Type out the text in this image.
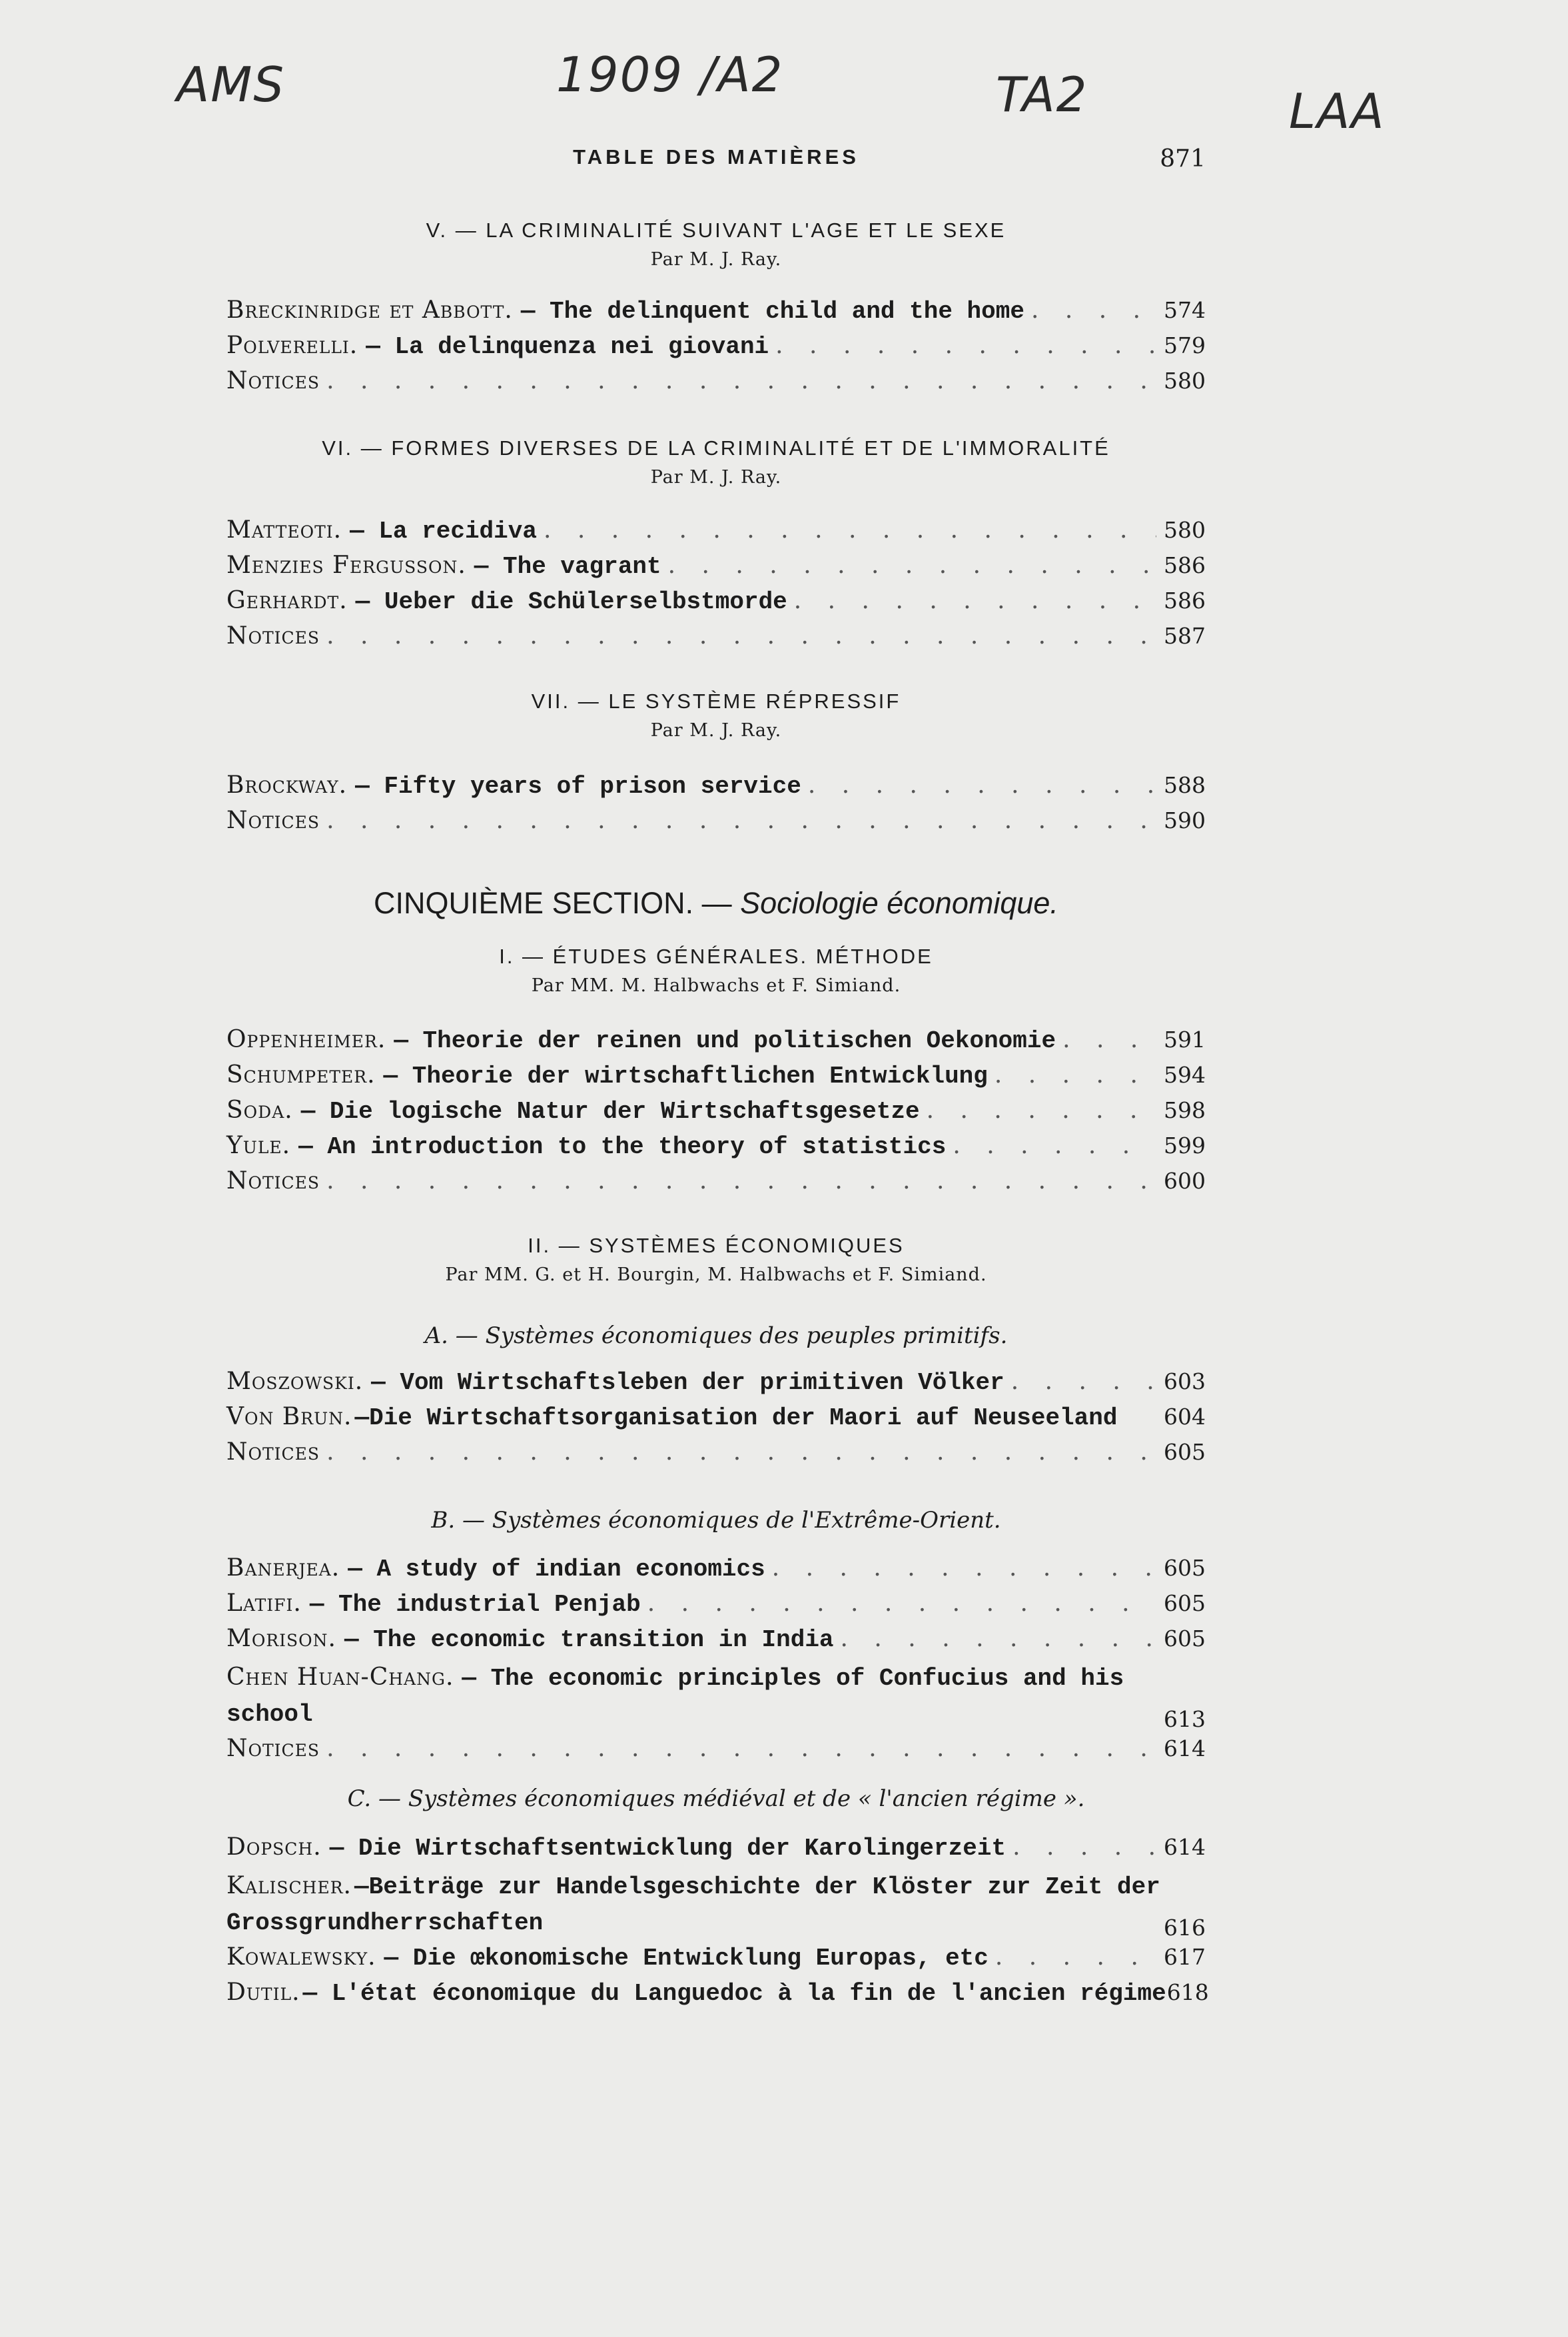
AMS	1909 /A2	TA2	LAA
TABLE DES MATIÈRES	871
V. — LA CRIMINALITÉ SUIVANT L'AGE ET LE SEXE
Par M. J. Ray.
Breckinridge et Abbott. — The delinquent child and the home . . .	574
Polverelli. — La delinquenza nei giovani . . .	579
Notices . . .	580
VI. — FORMES DIVERSES DE LA CRIMINALITÉ ET DE L'IMMORALITÉ
Par M. J. Ray.
Matteoti. — La recidiva . . .	580
Menzies Fergusson. — The vagrant . . .	586
Gerhardt. — Ueber die Schülerselbstmorde . . .	586
Notices . . .	587
VII. — LE SYSTÈME RÉPRESSIF
Par M. J. Ray.
Brockway. — Fifty years of prison service . . .	588
Notices . . .	590
CINQUIÈME SECTION. — Sociologie économique.
I. — ÉTUDES GÉNÉRALES. MÉTHODE
Par MM. M. Halbwachs et F. Simiand.
Oppenheimer. — Theorie der reinen und politischen Oekonomie . . .	591
Schumpeter. — Theorie der wirtschaftlichen Entwicklung . . .	594
Soda. — Die logische Natur der Wirtschaftsgesetze . . .	598
Yule. — An introduction to the theory of statistics . . .	599
Notices . . .	600
II. — SYSTÈMES ÉCONOMIQUES
Par MM. G. et H. Bourgin, M. Halbwachs et F. Simiand.
A. — Systèmes économiques des peuples primitifs.
Moszowski. — Vom Wirtschaftsleben der primitiven Völker . . .	603
Von Brun. —Die Wirtschaftsorganisation der Maori auf Neuseeland 604
Notices . . .	605
B. — Systèmes économiques de l'Extrême-Orient.
Banerjea. — A study of indian economics . . .	605
Latifi. — The industrial Penjab . . .	605
Morison. — The economic transition in India . . .	605
Chen Huan-Chang. — The economic principles of Confucius and his school	613
Notices . . .	614
C. — Systèmes économiques médiéval et de « l'ancien régime ».
Dopsch. — Die Wirtschaftsentwicklung der Karolingerzeit . . .	614
Kalischer. —Beiträge zur Handelsgeschichte der Klöster zur Zeit der Grossgrundherrschaften	616
Kowalewsky. — Die œkonomische Entwicklung Europas, etc . . .	617
Dutil. — L'état économique du Languedoc à la fin de l'ancien régime 618
